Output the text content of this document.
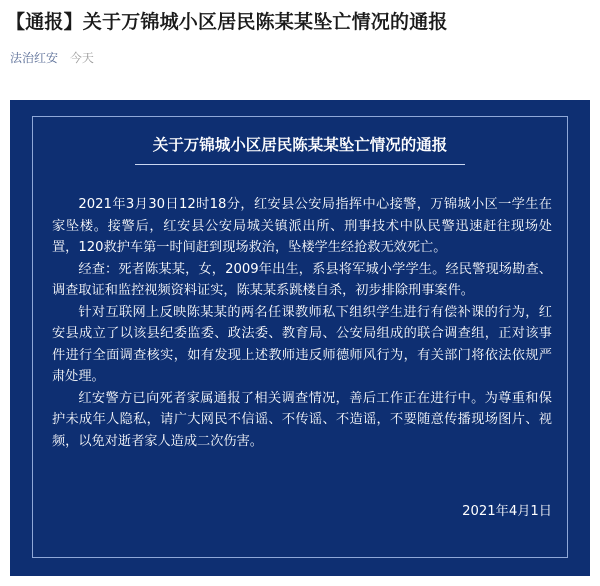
【通报】关于万锦城小区居民陈某某坠亡情况的通报
法治红安 今天
关于万锦城小区居民陈某某坠亡情况的通报

2021年3月30日12时18分，红安县公安局指挥中心接警，万锦城小区一学生在家坠楼。接警后，红安县公安局城关镇派出所、刑事技术中队民警迅速赶往现场处置，120救护车第一时间赶到现场救治，坠楼学生经抢救无效死亡。

经查：死者陈某某，女，2009年出生，系县将军城小学学生。经民警现场勘查、调查取证和监控视频资料证实，陈某某系跳楼自杀，初步排除刑事案件。

针对互联网上反映陈某某的两名任课教师私下组织学生进行有偿补课的行为，红安县成立了以该县纪委监委、政法委、教育局、公安局组成的联合调查组，正对该事件进行全面调查核实，如有发现上述教师违反师德师风行为，有关部门将依法依规严肃处理。

红安警方已向死者家属通报了相关调查情况，善后工作正在进行中。为尊重和保护未成年人隐私，请广大网民不信谣、不传谣、不造谣，不要随意传播现场图片、视频，以免对逝者家人造成二次伤害。

2021年4月1日
